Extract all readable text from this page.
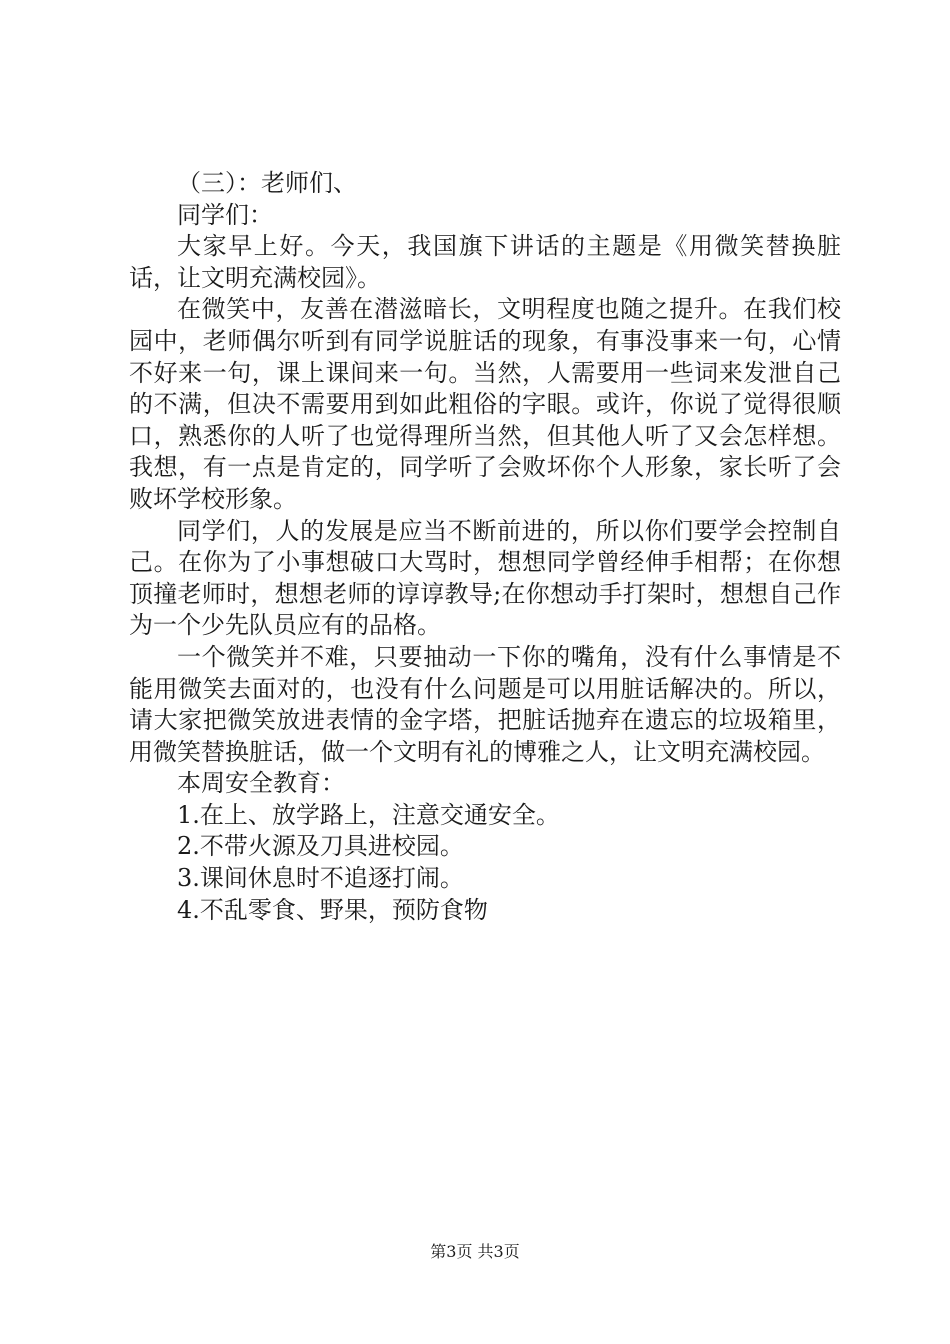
（三）：老师们、

同学们：

大家早上好。今天，我国旗下讲话的主题是《用微笑替换脏话，让文明充满校园》。

在微笑中，友善在潜滋暗长，文明程度也随之提升。在我们校园中，老师偶尔听到有同学说脏话的现象，有事没事来一句，心情不好来一句，课上课间来一句。当然，人需要用一些词来发泄自己的不满，但决不需要用到如此粗俗的字眼。或许，你说了觉得很顺口，熟悉你的人听了也觉得理所当然，但其他人听了又会怎样想。我想，有一点是肯定的，同学听了会败坏你个人形象，家长听了会败坏学校形象。

同学们，人的发展是应当不断前进的，所以你们要学会控制自己。在你为了小事想破口大骂时，想想同学曾经伸手相帮；在你想顶撞老师时，想想老师的谆谆教导;在你想动手打架时，想想自己作为一个少先队员应有的品格。

一个微笑并不难，只要抽动一下你的嘴角，没有什么事情是不能用微笑去面对的，也没有什么问题是可以用脏话解决的。所以，请大家把微笑放进表情的金字塔，把脏话抛弃在遗忘的垃圾箱里，用微笑替换脏话，做一个文明有礼的博雅之人，让文明充满校园。

本周安全教育：

1.在上、放学路上，注意交通安全。

2.不带火源及刀具进校园。

3.课间休息时不追逐打闹。

4.不乱零食、野果，预防食物

第3页 共3页
